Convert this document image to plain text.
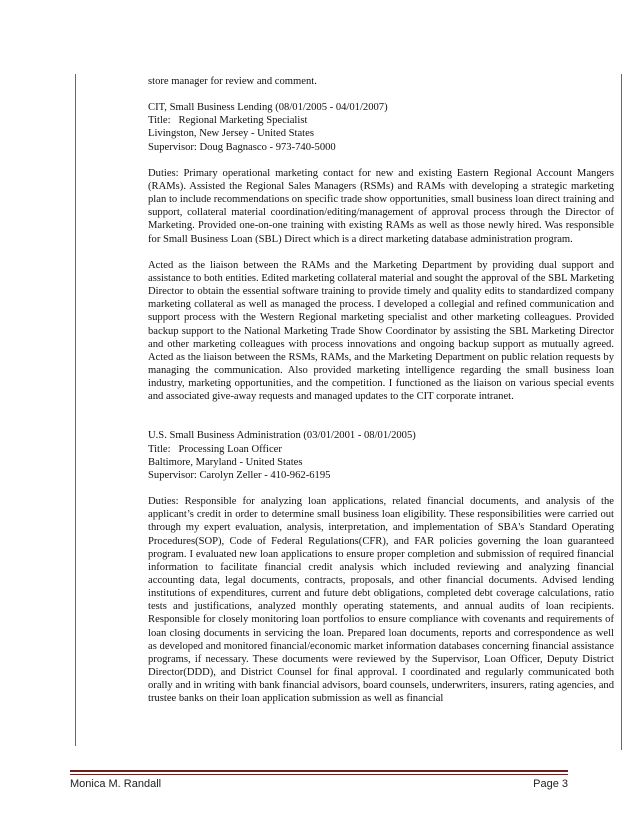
store manager for review and comment.

CIT, Small Business Lending (08/01/2005 - 04/01/2007)

Title:   Regional Marketing Specialist

Livingston, New Jersey - United States

Supervisor: Doug Bagnasco - 973-740-5000

Duties: Primary operational marketing contact for new and existing Eastern Regional Account Mangers (RAMs). Assisted the Regional Sales Managers (RSMs) and RAMs with developing a strategic marketing plan to include recommendations on specific trade show opportunities, small business loan direct training and support, collateral material coordination/editing/management of approval process through the Director of Marketing. Provided one-on-one training with existing RAMs as well as those newly hired. Was responsible for Small Business Loan (SBL) Direct which is a direct marketing database administration program.

Acted as the liaison between the RAMs and the Marketing Department by providing dual support and assistance to both entities. Edited marketing collateral material and sought the approval of the SBL Marketing Director to obtain the essential software training to provide timely and quality edits to standardized company marketing collateral as well as managed the process. I developed a collegial and refined communication and support process with the Western Regional marketing specialist and other marketing colleagues. Provided backup support to the National Marketing Trade Show Coordinator by assisting the SBL Marketing Director and other marketing colleagues with process innovations and ongoing backup support as mutually agreed. Acted as the liaison between the RSMs, RAMs, and the Marketing Department on public relation requests by managing the communication. Also provided marketing intelligence regarding the small business loan industry, marketing opportunities, and the competition. I functioned as the liaison on various special events and associated give-away requests and managed updates to the CIT corporate intranet.

U.S. Small Business Administration (03/01/2001 - 08/01/2005)

Title:   Processing Loan Officer

Baltimore, Maryland - United States

Supervisor: Carolyn Zeller - 410-962-6195

Duties: Responsible for analyzing loan applications, related financial documents, and analysis of the applicant’s credit in order to determine small business loan eligibility. These responsibilities were carried out through my expert evaluation, analysis, interpretation, and implementation of SBA's Standard Operating Procedures(SOP), Code of Federal Regulations(CFR), and FAR policies governing the loan guaranteed program. I evaluated new loan applications to ensure proper completion and submission of required financial information to facilitate financial credit analysis which included reviewing and analyzing financial accounting data, legal documents, contracts, proposals, and other financial documents. Advised lending institutions of expenditures, current and future debt obligations, completed debt coverage calculations, ratio tests and justifications, analyzed monthly operating statements, and annual audits of loan recipients. Responsible for closely monitoring loan portfolios to ensure compliance with covenants and requirements of loan closing documents in servicing the loan. Prepared loan documents, reports and correspondence as well as developed and monitored financial/economic market information databases concerning financial assistance programs, if necessary. These documents were reviewed by the Supervisor, Loan Officer, Deputy District Director(DDD), and District Counsel for final approval. I coordinated and regularly communicated both orally and in writing with bank financial advisors, board counsels, underwriters, insurers, rating agencies, and trustee banks on their loan application submission as well as financial

Monica M. Randall	Page 3
